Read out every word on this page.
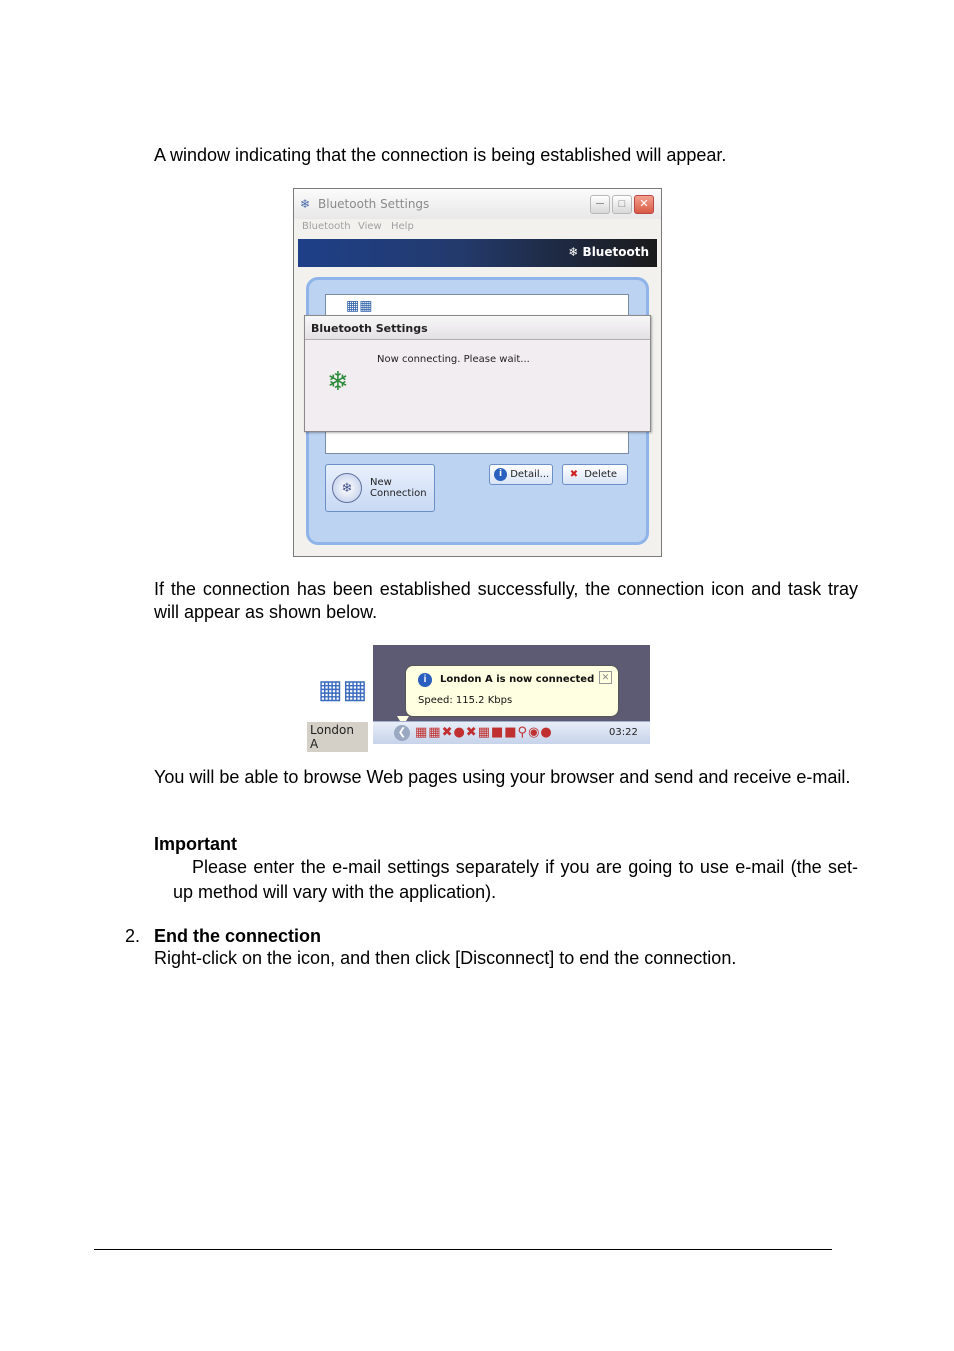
A window indicating that the connection is being established will appear.

❄ Bluetooth Settings	─	□	✕
Bluetooth View Help
❄ Bluetooth
▦▦
❄	New Connection
i Detail...	✖ Delete
Bluetooth Settings
Now connecting. Please wait...
❄

If the connection has been established successfully, the connection icon and task tray will appear as shown below.

▦▦
London A
i	London A is now connected ✕
Speed: 115.2 Kbps
❮ ▦▦✖●✖▦■■⚲◉●	03:22

You will be able to browse Web pages using your browser and send and receive e-mail.

Important

Please enter the e-mail settings separately if you are going to use e-mail (the set-up method will vary with the application).

2. End the connection

Right-click on the icon, and then click [Disconnect] to end the connection.
